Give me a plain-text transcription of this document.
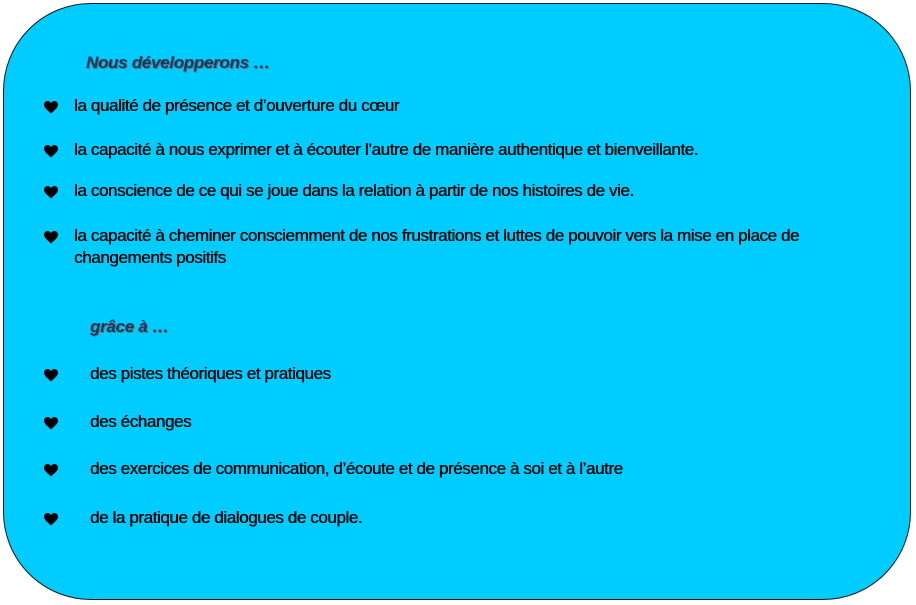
Nous développerons …
la qualité de présence et d’ouverture du cœur
la capacité à nous exprimer et à écouter l’autre de manière authentique et bienveillante.
la conscience de ce qui se joue dans la relation à partir de nos histoires de vie.
la capacité à cheminer consciemment de nos frustrations et luttes de pouvoir vers la mise en place de changements positifs
grâce à …
des pistes théoriques et pratiques
des échanges
des exercices de communication, d’écoute et de présence à soi et à l’autre
de la pratique de dialogues de couple.
